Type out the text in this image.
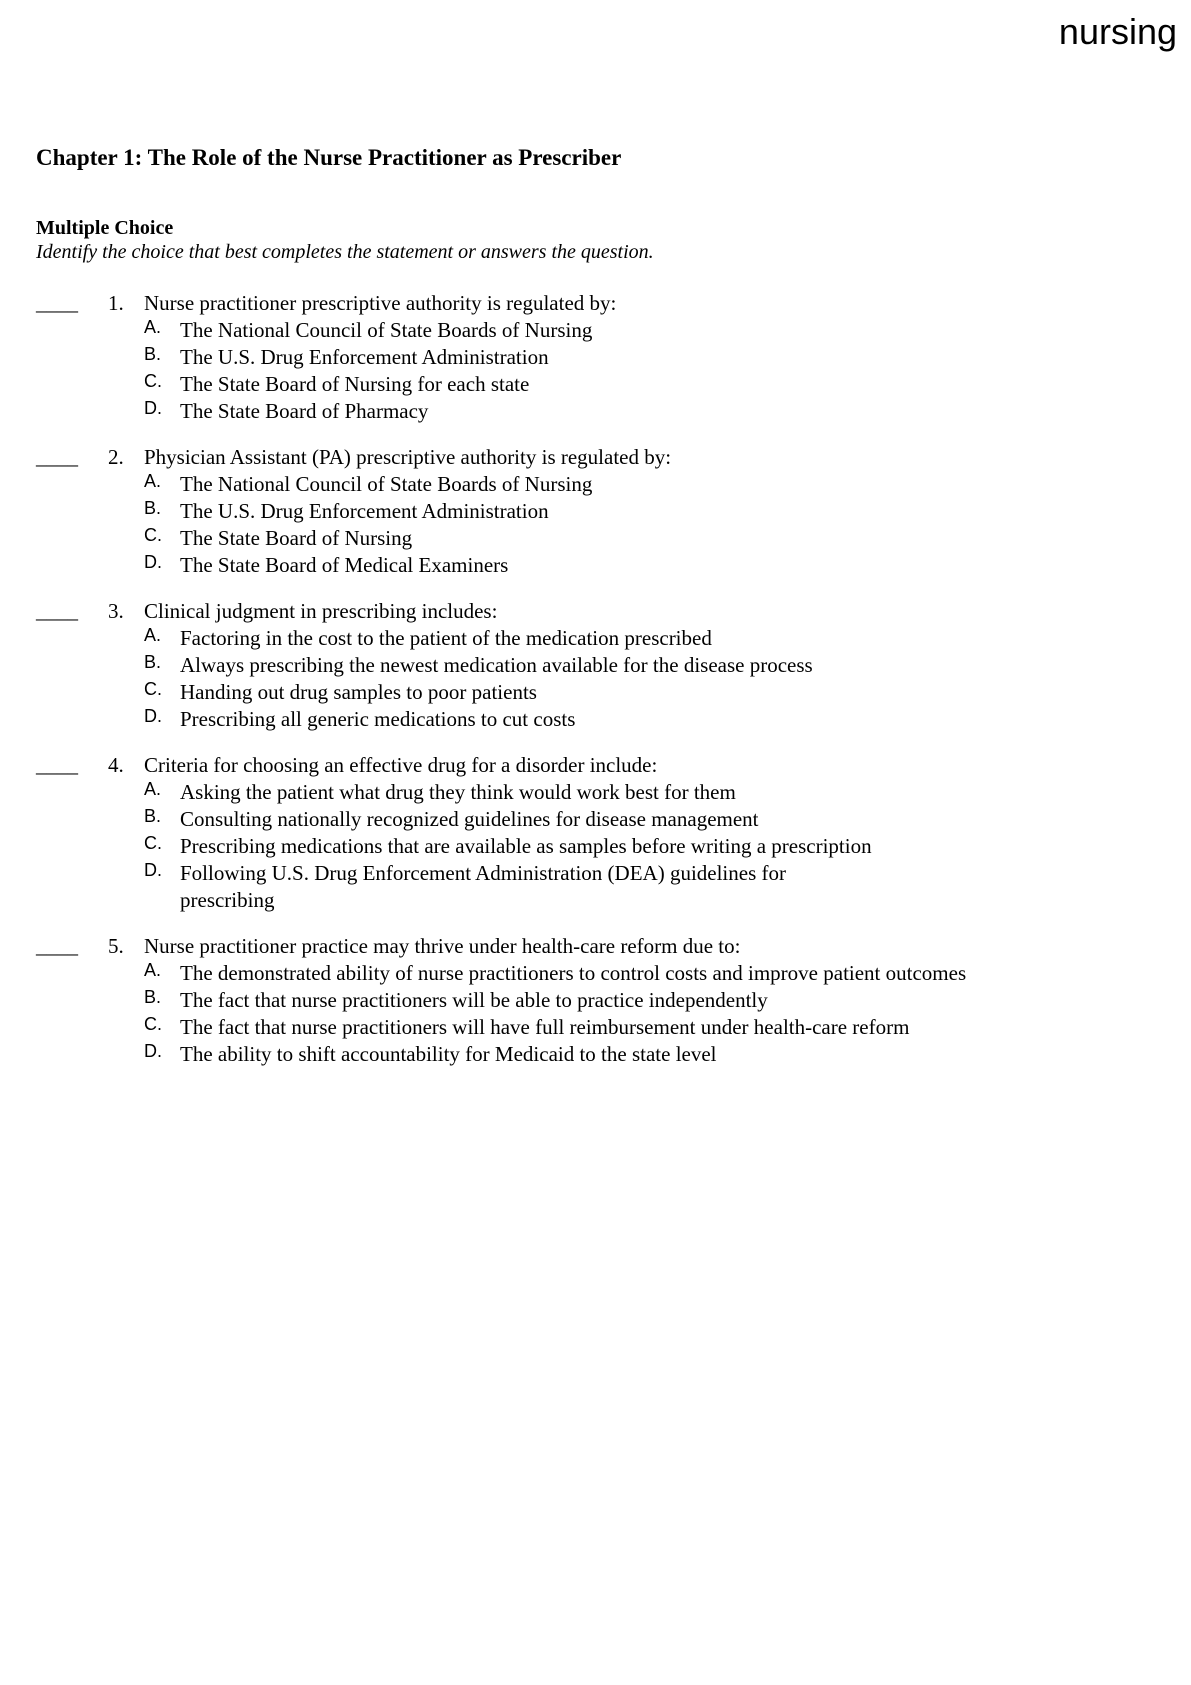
nursing
Chapter 1: The Role of the Nurse Practitioner as Prescriber
Multiple Choice
Identify the choice that best completes the statement or answers the question.
____ 1. Nurse practitioner prescriptive authority is regulated by:
A. The National Council of State Boards of Nursing
B. The U.S. Drug Enforcement Administration
C. The State Board of Nursing for each state
D. The State Board of Pharmacy
____ 2. Physician Assistant (PA) prescriptive authority is regulated by:
A. The National Council of State Boards of Nursing
B. The U.S. Drug Enforcement Administration
C. The State Board of Nursing
D. The State Board of Medical Examiners
____ 3. Clinical judgment in prescribing includes:
A. Factoring in the cost to the patient of the medication prescribed
B. Always prescribing the newest medication available for the disease process
C. Handing out drug samples to poor patients
D. Prescribing all generic medications to cut costs
____ 4. Criteria for choosing an effective drug for a disorder include:
A. Asking the patient what drug they think would work best for them
B. Consulting nationally recognized guidelines for disease management
C. Prescribing medications that are available as samples before writing a prescription
D. Following U.S. Drug Enforcement Administration (DEA) guidelines for prescribing
____ 5. Nurse practitioner practice may thrive under health-care reform due to:
A. The demonstrated ability of nurse practitioners to control costs and improve patient outcomes
B. The fact that nurse practitioners will be able to practice independently
C. The fact that nurse practitioners will have full reimbursement under health-care reform
D. The ability to shift accountability for Medicaid to the state level
